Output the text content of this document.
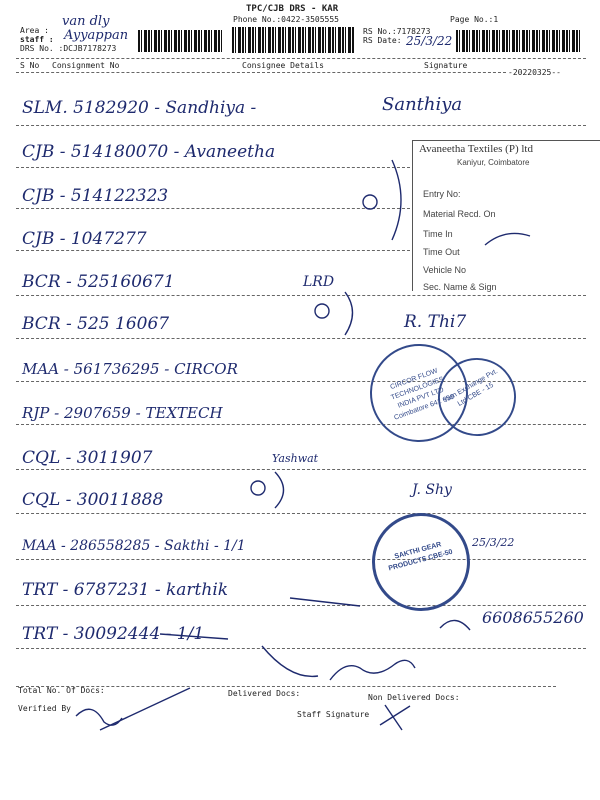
TPC/CJB DRS - KAR
Phone No.:0422-3505555	Page No.:1
Area :
van dly
staff : Ayyappan
DRS No. :DCJB7178273
RS No.:7178273
RS Date: 25/3/22
S No Consignment No	Consignee Details	Signature
-20220325--
SLM. 5182920 - Sandhiya -	Santhiya
CJB - 514180070 - Avaneetha
CJB - 514122323
CJB - 1047277
BCR - 525160671	LRD
BCR - 525 16067	R. Thi7
MAA - 561736295 - CIRCOR
RJP - 2907659 - TEXTECH
CQL - 3011907	Yashwat
CQL - 30011888	J. Shy
MAA - 286558285 - Sakthi - 1/1	25/3/22
TRT - 6787231 - karthik
TRT - 30092444 - 1/1
6608655260
Avaneetha Textiles (P) ltd
Kaniyur, Coimbatore
Entry No:
Material Recd. On
Time In
Time Out
Vehicle No
Sec. Name & Sign
CIRCOR FLOW TECHNOLOGIES INDIA PVT LTD Coimbatore 641 659
Yarn Exchange Pvt. Ltd CBE - 15
SAKTHI GEAR PRODUCTS CBE-50
Total No. Of Docs:	Delivered Docs:	Non Delivered Docs:
Verified By
Staff Signature
